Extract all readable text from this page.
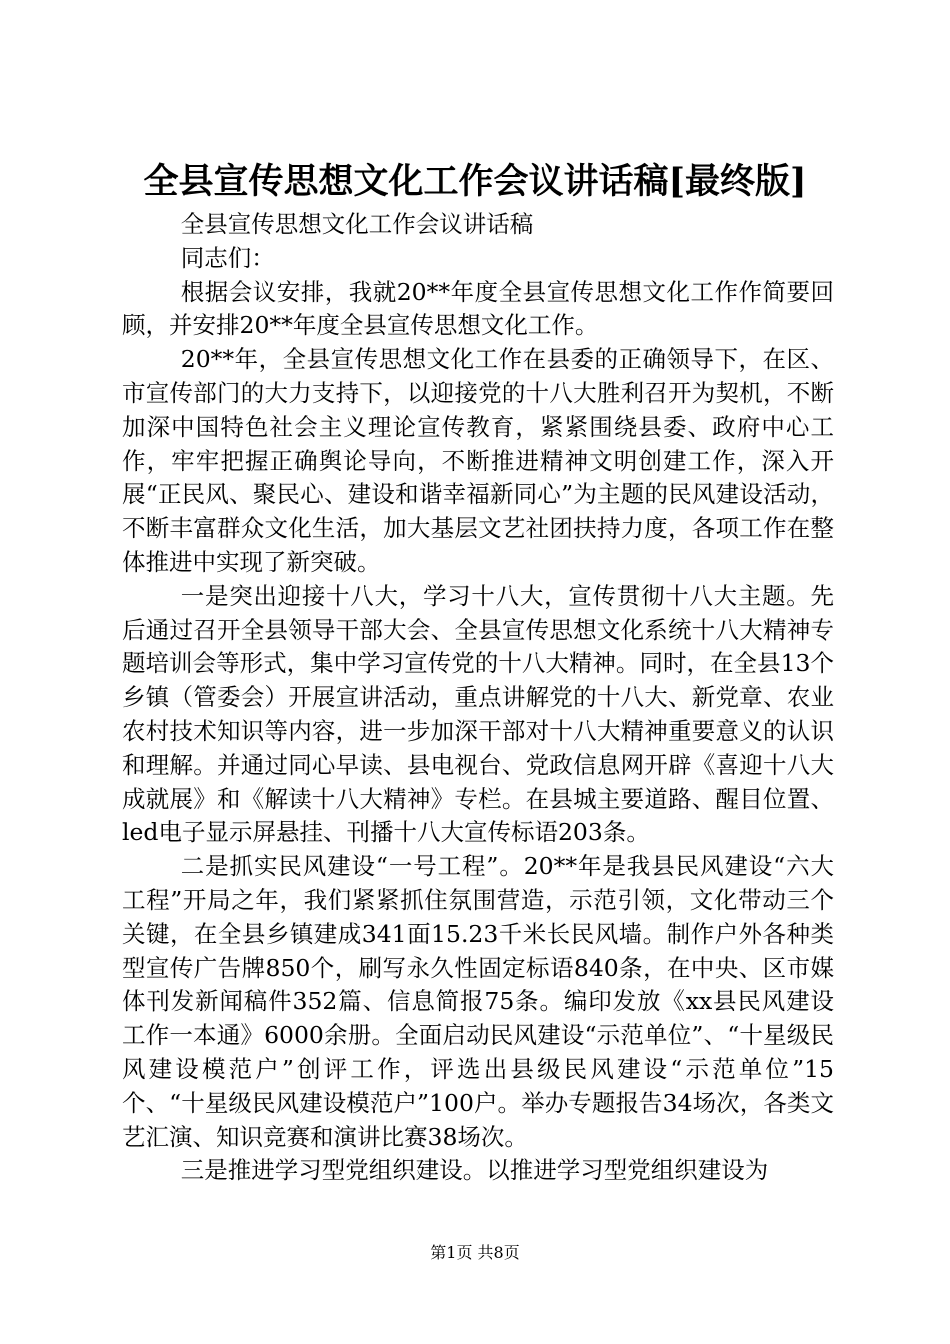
全县宣传思想文化工作会议讲话稿[最终版]

全县宣传思想文化工作会议讲话稿

同志们：

根据会议安排，我就20**年度全县宣传思想文化工作作简要回顾，并安排20**年度全县宣传思想文化工作。

20**年，全县宣传思想文化工作在县委的正确领导下，在区、市宣传部门的大力支持下，以迎接党的十八大胜利召开为契机，不断加深中国特色社会主义理论宣传教育，紧紧围绕县委、政府中心工作，牢牢把握正确舆论导向，不断推进精神文明创建工作，深入开展“正民风、聚民心、建设和谐幸福新同心”为主题的民风建设活动，不断丰富群众文化生活，加大基层文艺社团扶持力度，各项工作在整体推进中实现了新突破。

一是突出迎接十八大，学习十八大，宣传贯彻十八大主题。先后通过召开全县领导干部大会、全县宣传思想文化系统十八大精神专题培训会等形式，集中学习宣传党的十八大精神。同时，在全县13个乡镇（管委会）开展宣讲活动，重点讲解党的十八大、新党章、农业农村技术知识等内容，进一步加深干部对十八大精神重要意义的认识和理解。并通过同心早读、县电视台、党政信息网开辟《喜迎十八大成就展》和《解读十八大精神》专栏。在县城主要道路、醒目位置、led电子显示屏悬挂、刊播十八大宣传标语203条。

二是抓实民风建设“一号工程”。20**年是我县民风建设“六大工程”开局之年，我们紧紧抓住氛围营造，示范引领，文化带动三个关键，在全县乡镇建成341面15.23千米长民风墙。制作户外各种类型宣传广告牌850个，刷写永久性固定标语840条，在中央、区市媒体刊发新闻稿件352篇、信息简报75条。编印发放《xx县民风建设工作一本通》6000余册。全面启动民风建设“示范单位”、“十星级民风建设模范户”创评工作，评选出县级民风建设“示范单位”15个、“十星级民风建设模范户”100户。举办专题报告34场次，各类文艺汇演、知识竞赛和演讲比赛38场次。

三是推进学习型党组织建设。以推进学习型党组织建设为

第1页 共8页
